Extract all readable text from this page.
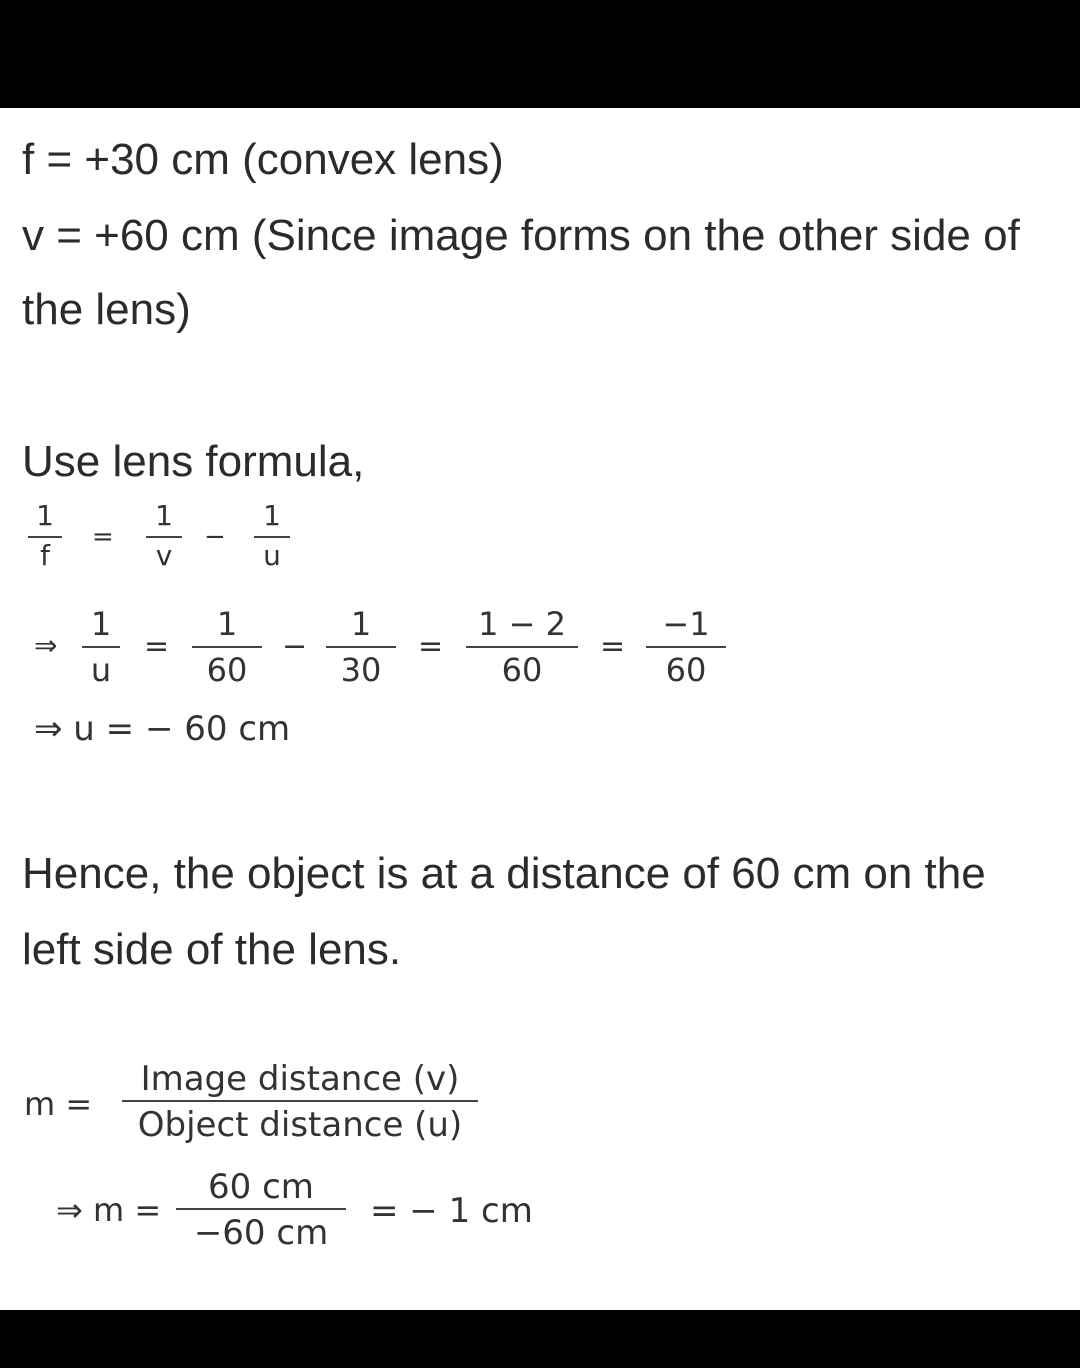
f = +30 cm (convex lens)
v = +60 cm (Since image forms on the other side of
the lens)
Use lens formula,
1
f
=
1
v
−
1
u
⇒
1
u
=
1
60
−
1
30
=
1 − 2
60
=
−1
60
⇒ u = − 60 cm
Hence, the object is at a distance of 60 cm on the
left side of the lens.
m =
Image distance (v)
Object distance (u)
⇒ m =
60 cm
−60 cm
= − 1 cm
